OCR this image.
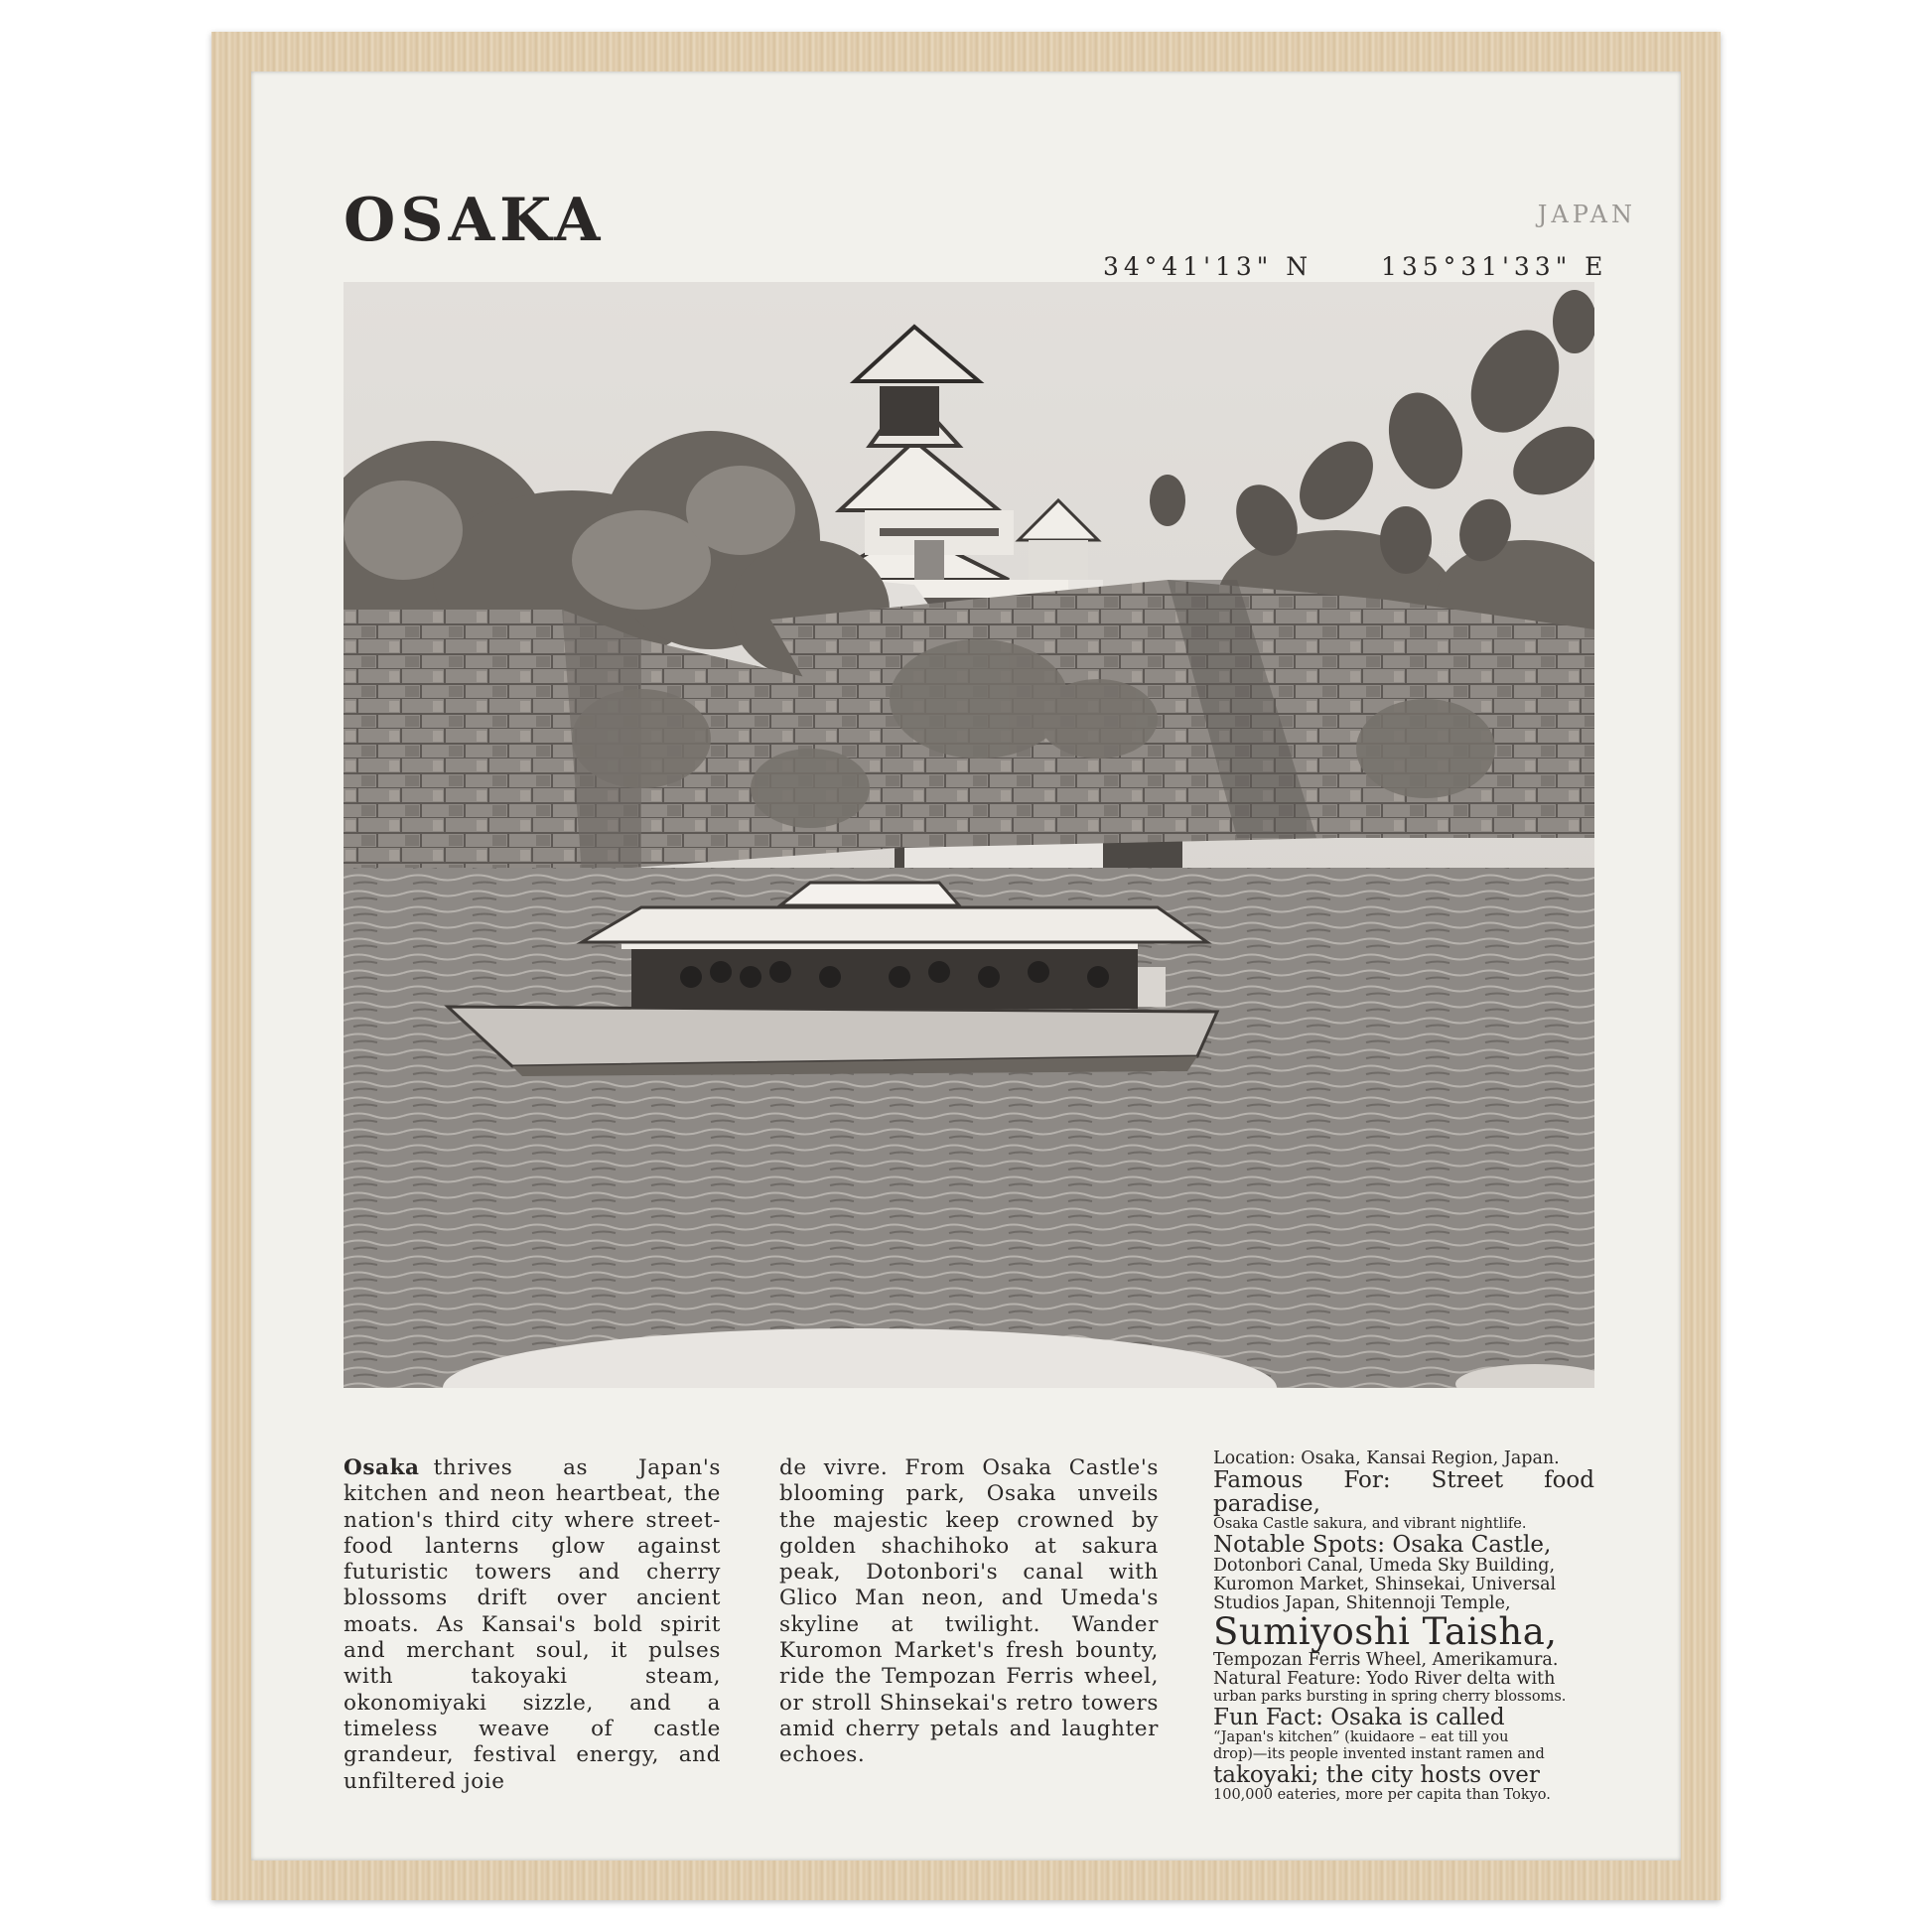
OSAKA	JAPAN
34°41'13" N	135°31'33" E
Osaka thrives as Japan's kitchen and neon heartbeat, the nation's third city where street-food lanterns glow against futuristic towers and cherry blossoms drift over ancient moats. As Kansai's bold spirit and merchant soul, it pulses with takoyaki steam, okonomiyaki sizzle, and a timeless weave of castle grandeur, festival energy, and unfiltered joie
de vivre. From Osaka Castle's blooming park, Osaka unveils the majestic keep crowned by golden shachihoko at sakura peak, Dotonbori's canal with Glico Man neon, and Umeda's skyline at twilight. Wander Kuromon Market's fresh bounty, ride the Tempozan Ferris wheel, or stroll Shinsekai's retro towers amid cherry petals and laughter echoes.
Location: Osaka, Kansai Region, Japan.
Famous For: Street food paradise,
Osaka Castle sakura, and vibrant nightlife.
Notable Spots: Osaka Castle,
Dotonbori Canal, Umeda Sky Building,
Kuromon Market, Shinsekai, Universal
Studios Japan, Shitennoji Temple,
Sumiyoshi Taisha,
Tempozan Ferris Wheel, Amerikamura.
Natural Feature: Yodo River delta with
urban parks bursting in spring cherry blossoms.
Fun Fact: Osaka is called
“Japan's kitchen” (kuidaore – eat till you
drop)—its people invented instant ramen and
takoyaki; the city hosts over
100,000 eateries, more per capita than Tokyo.
